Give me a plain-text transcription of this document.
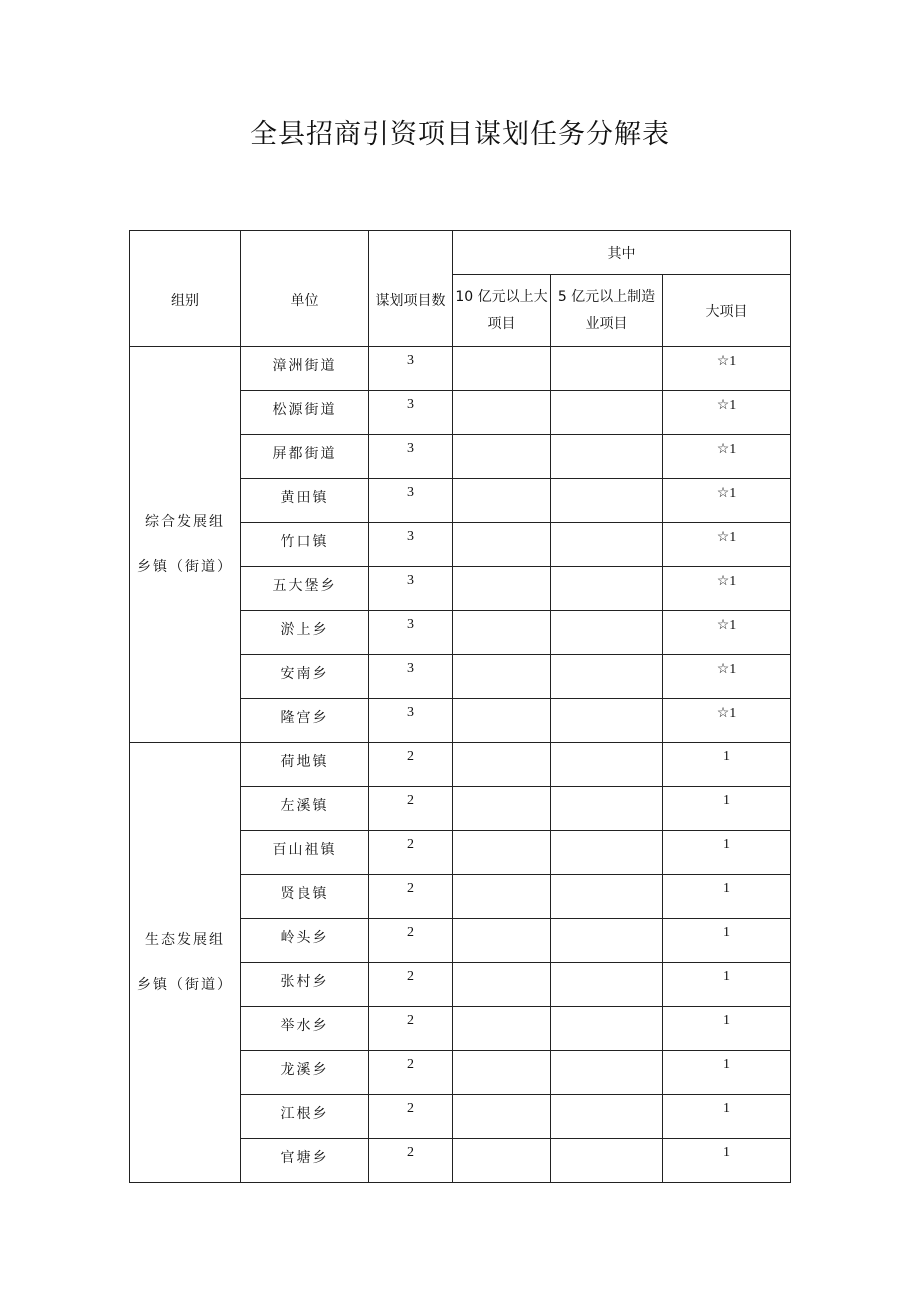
全县招商引资项目谋划任务分解表
组别	单位	谋划项目数	其中		
			10 亿元以上大项目	5 亿元以上制造业项目	大项目

综合发展组
乡镇（街道）	漳洲街道	3			☆1
	松源街道	3			☆1
	屏都街道	3			☆1
	黄田镇	3			☆1
	竹口镇	3			☆1
	五大堡乡	3			☆1
	淤上乡	3			☆1
	安南乡	3			☆1
	隆宫乡	3			☆1

生态发展组
乡镇（街道）	荷地镇	2			1
	左溪镇	2			1
	百山祖镇	2			1
	贤良镇	2			1
	岭头乡	2			1
	张村乡	2			1
	举水乡	2			1
	龙溪乡	2			1
	江根乡	2			1
	官塘乡	2			1
